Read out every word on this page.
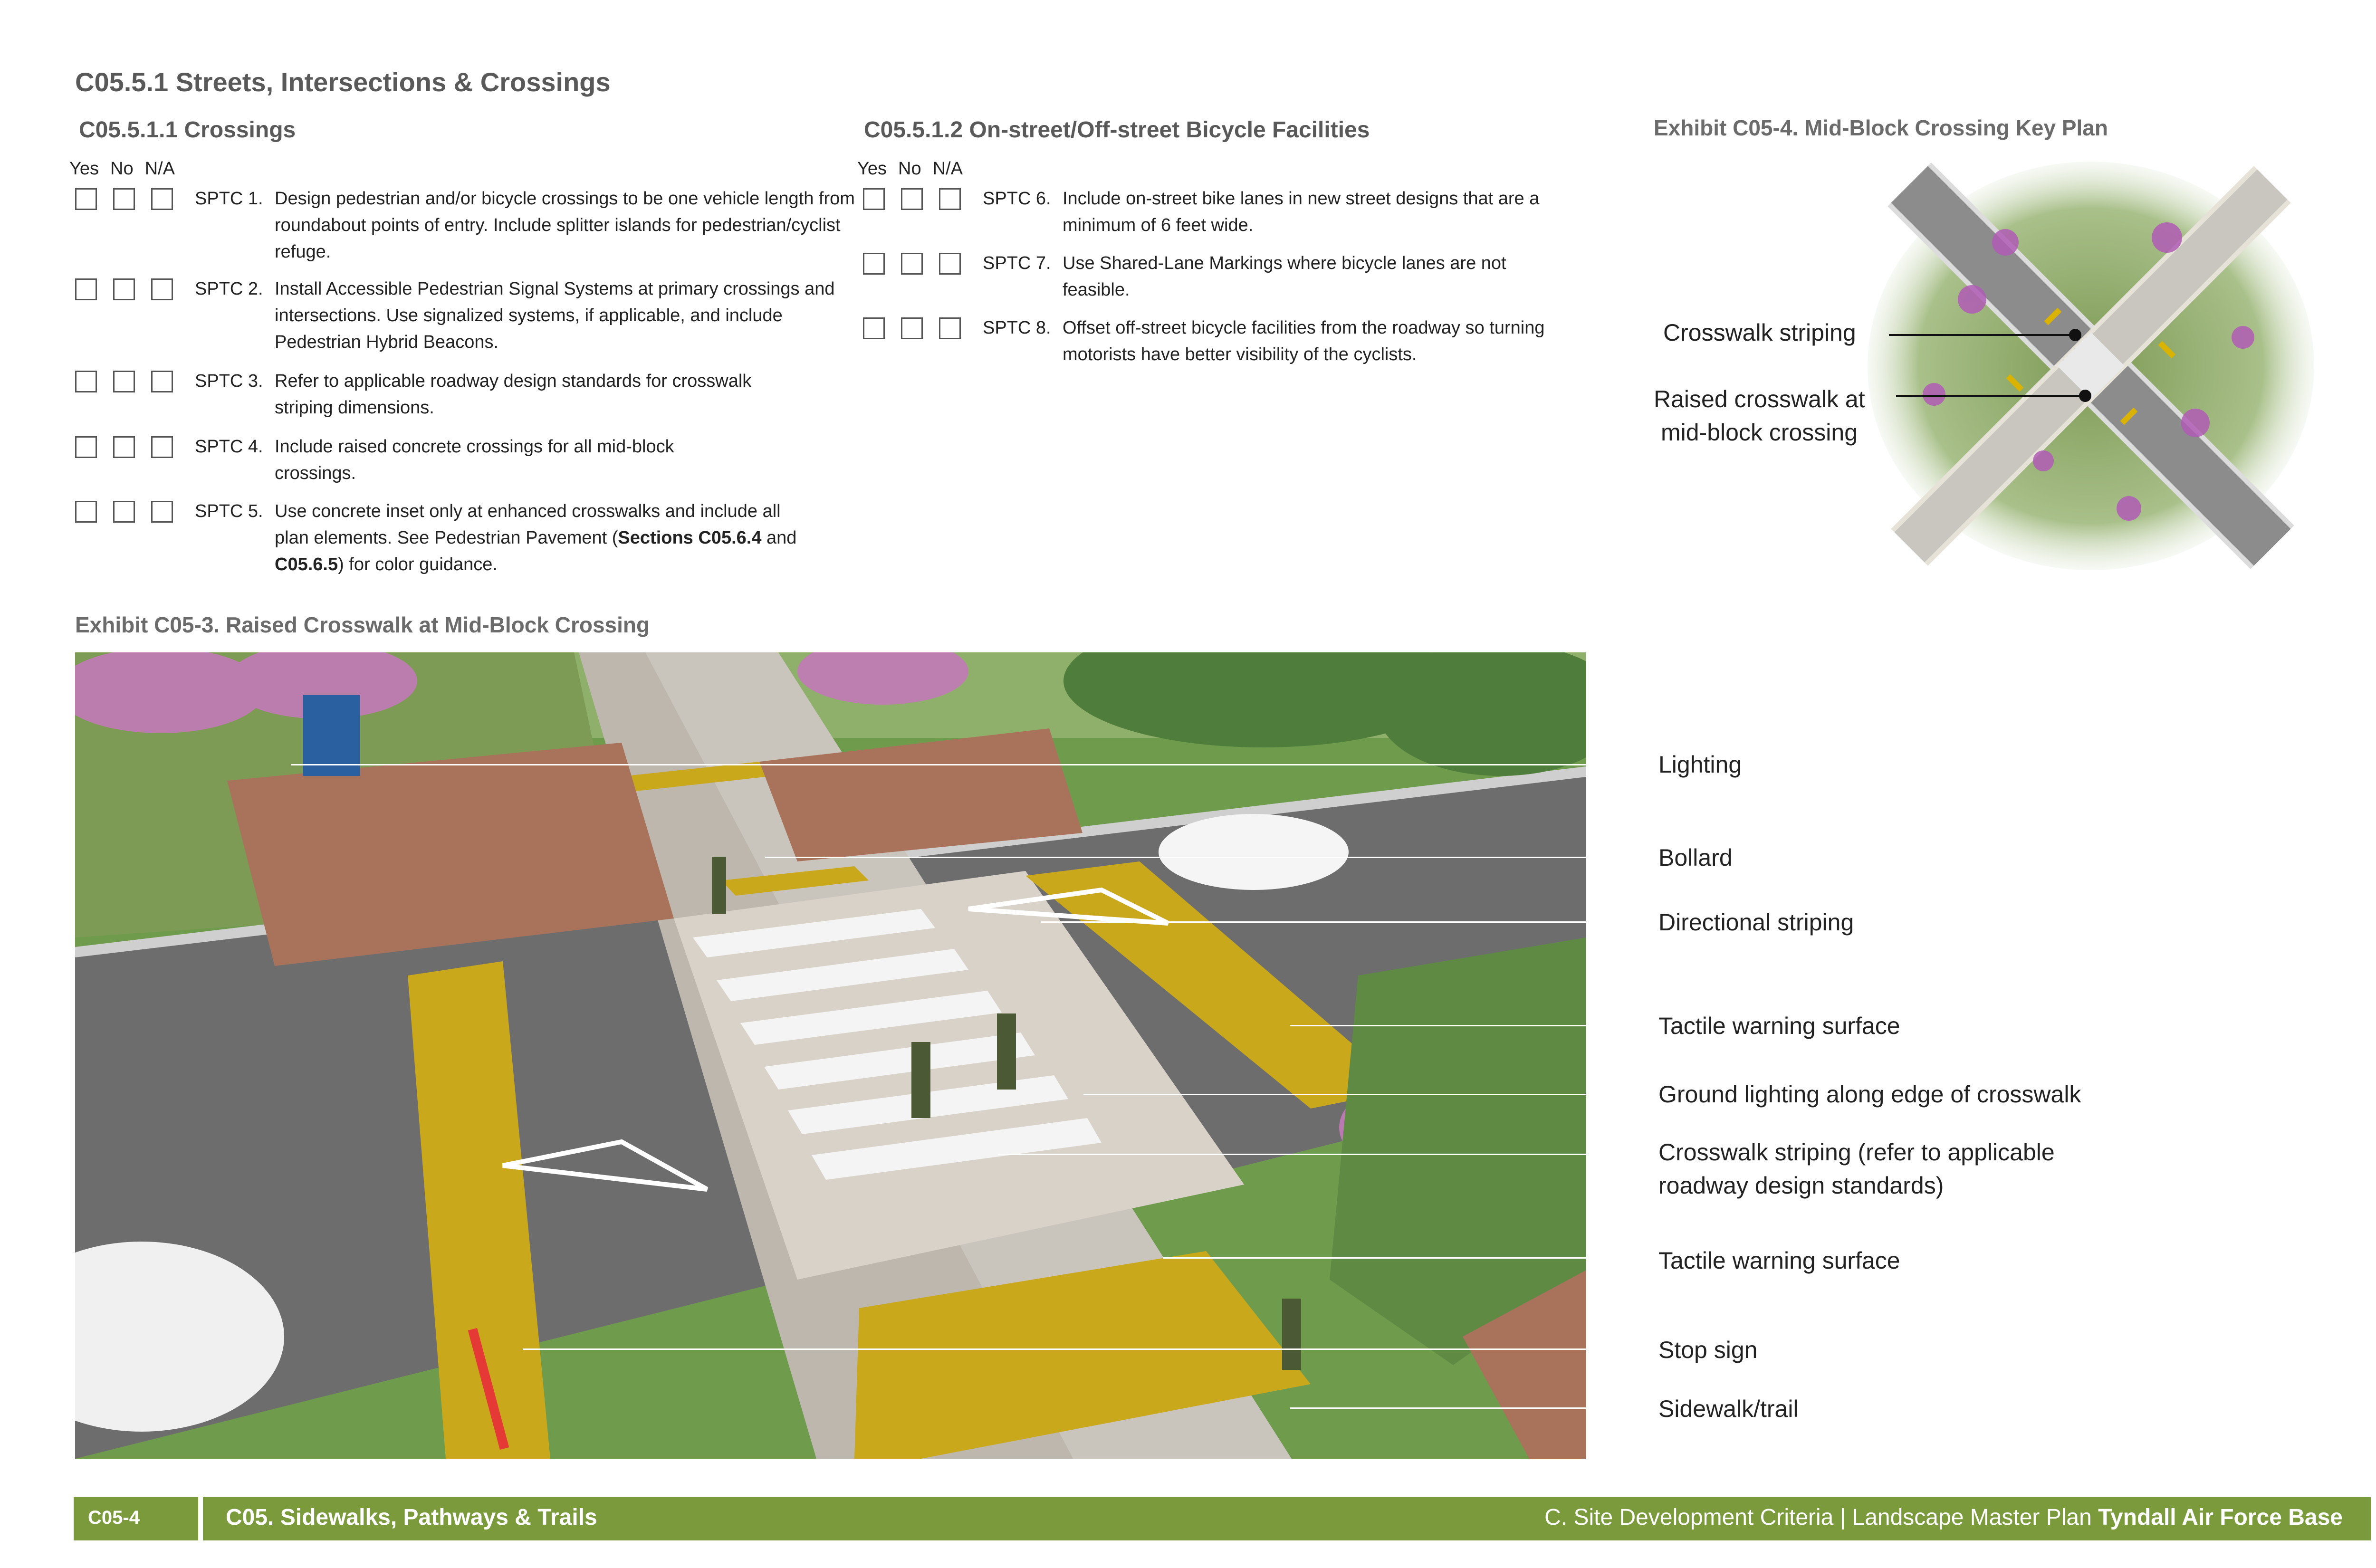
C05.5.1 Streets, Intersections & Crossings
C05.5.1.1 Crossings
Yes No N/A
SPTC 1. Design pedestrian and/or bicycle crossings to be one vehicle length from roundabout points of entry. Include splitter islands for pedestrian/cyclist refuge.
SPTC 2. Install Accessible Pedestrian Signal Systems at primary crossings and intersections. Use signalized systems, if applicable, and include Pedestrian Hybrid Beacons.
SPTC 3. Refer to applicable roadway design standards for crosswalk striping dimensions.
SPTC 4. Include raised concrete crossings for all mid-block crossings.
SPTC 5. Use concrete inset only at enhanced crosswalks and include all plan elements. See Pedestrian Pavement (Sections C05.6.4 and C05.6.5) for color guidance.
C05.5.1.2 On-street/Off-street Bicycle Facilities
Yes No N/A
SPTC 6. Include on-street bike lanes in new street designs that are a minimum of 6 feet wide.
SPTC 7. Use Shared-Lane Markings where bicycle lanes are not feasible.
SPTC 8. Offset off-street bicycle facilities from the roadway so turning motorists have better visibility of the cyclists.
Exhibit C05-4. Mid-Block Crossing Key Plan
Crosswalk striping
Raised crosswalk at
mid-block crossing
Exhibit C05-3. Raised Crosswalk at Mid-Block Crossing
Lighting
Bollard
Directional striping
Tactile warning surface
Ground lighting along edge of crosswalk
Crosswalk striping (refer to applicable
roadway design standards)
Tactile warning surface
Stop sign
Sidewalk/trail
C05-4	C05. Sidewalks, Pathways & Trails	C. Site Development Criteria | Landscape Master Plan Tyndall Air Force Base
